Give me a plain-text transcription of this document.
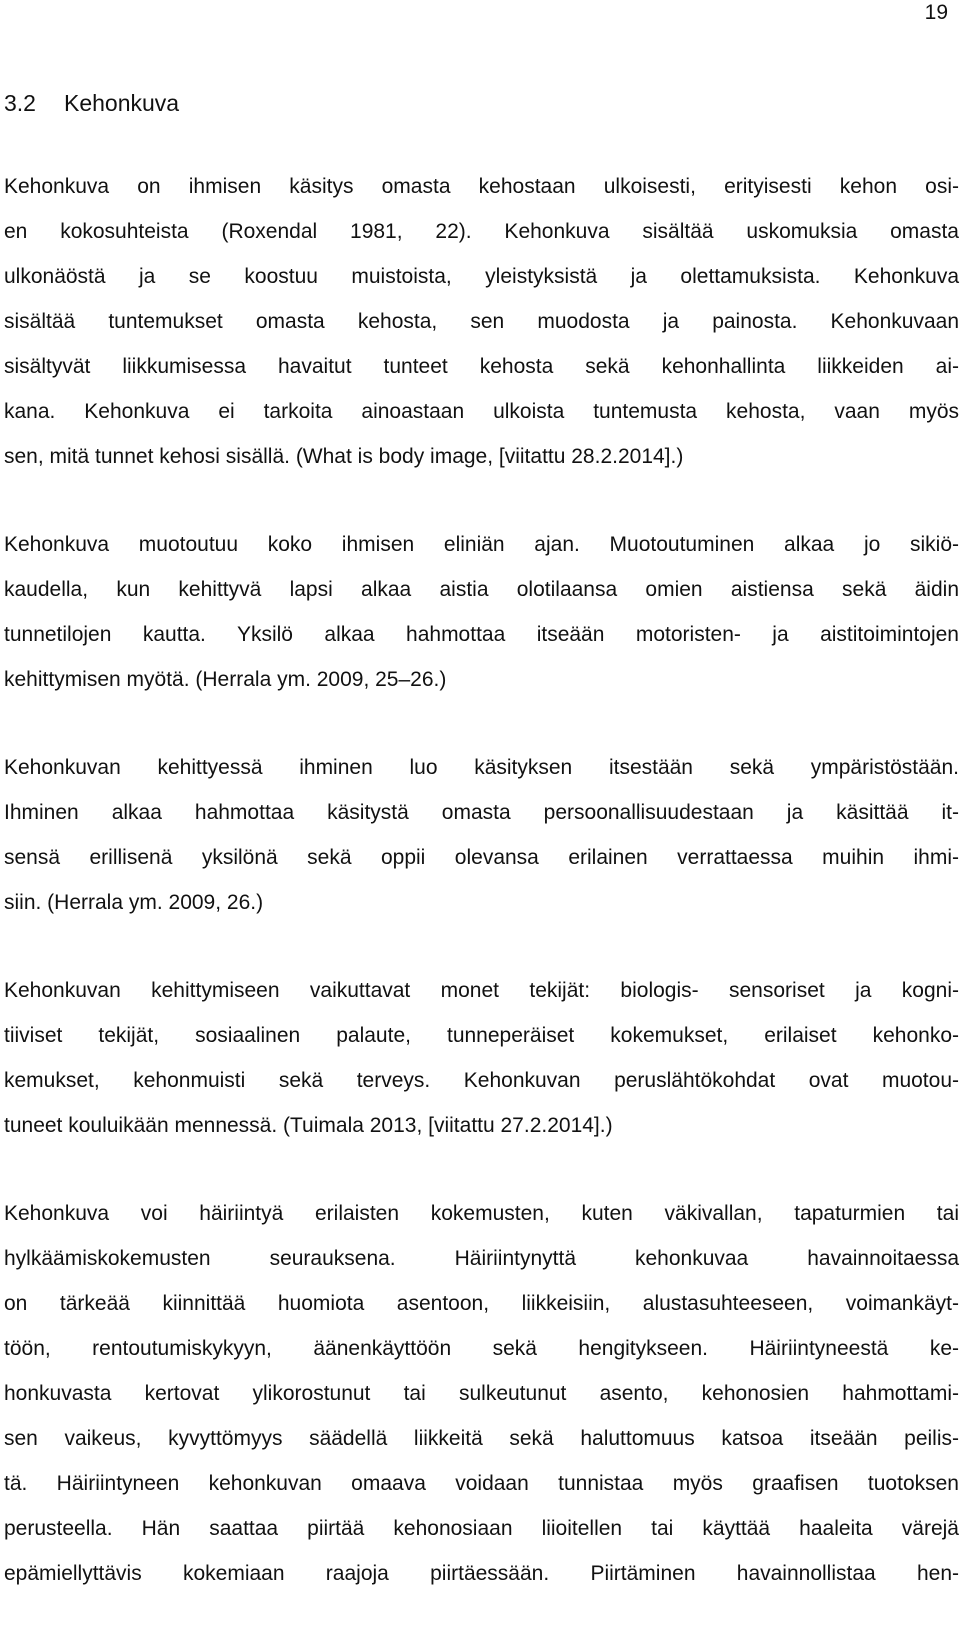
19
3.2 Kehonkuva

Kehonkuva on ihmisen käsitys omasta kehostaan ulkoisesti, erityisesti kehon osi-
en kokosuhteista (Roxendal 1981, 22). Kehonkuva sisältää uskomuksia omasta
ulkonäöstä ja se koostuu muistoista, yleistyksistä ja olettamuksista. Kehonkuva
sisältää tuntemukset omasta kehosta, sen muodosta ja painosta. Kehonkuvaan
sisältyvät liikkumisessa havaitut tunteet kehosta sekä kehonhallinta liikkeiden ai-
kana. Kehonkuva ei tarkoita ainoastaan ulkoista tuntemusta kehosta, vaan myös
sen, mitä tunnet kehosi sisällä. (What is body image, [viitattu 28.2.2014].)

Kehonkuva muotoutuu koko ihmisen eliniän ajan. Muotoutuminen alkaa jo sikiö-
kaudella, kun kehittyvä lapsi alkaa aistia olotilaansa omien aistiensa sekä äidin
tunnetilojen kautta. Yksilö alkaa hahmottaa itseään motoristen- ja aistitoimintojen
kehittymisen myötä. (Herrala ym. 2009, 25–26.)

Kehonkuvan kehittyessä ihminen luo käsityksen itsestään sekä ympäristöstään.
Ihminen alkaa hahmottaa käsitystä omasta persoonallisuudestaan ja käsittää it-
sensä erillisenä yksilönä sekä oppii olevansa erilainen verrattaessa muihin ihmi-
siin. (Herrala ym. 2009, 26.)

Kehonkuvan kehittymiseen vaikuttavat monet tekijät: biologis- sensoriset ja kogni-
tiiviset tekijät, sosiaalinen palaute, tunneperäiset kokemukset, erilaiset kehonko-
kemukset, kehonmuisti sekä terveys. Kehonkuvan peruslähtökohdat ovat muotou-
tuneet kouluikään mennessä. (Tuimala 2013, [viitattu 27.2.2014].)

Kehonkuva voi häiriintyä erilaisten kokemusten, kuten väkivallan, tapaturmien tai
hylkäämiskokemusten seurauksena. Häiriintynyttä kehonkuvaa havainnoitaessa
on tärkeää kiinnittää huomiota asentoon, liikkeisiin, alustasuhteeseen, voimankäyt-
töön, rentoutumiskykyyn, äänenkäyttöön sekä hengitykseen. Häiriintyneestä ke-
honkuvasta kertovat ylikorostunut tai sulkeutunut asento, kehonosien hahmottami-
sen vaikeus, kyvyttömyys säädellä liikkeitä sekä haluttomuus katsoa itseään peilis-
tä. Häiriintyneen kehonkuvan omaava voidaan tunnistaa myös graafisen tuotoksen
perusteella. Hän saattaa piirtää kehonosiaan liioitellen tai käyttää haaleita värejä
epämiellyttävis kokemiaan raajoja piirtäessään. Piirtäminen havainnollistaa hen-
